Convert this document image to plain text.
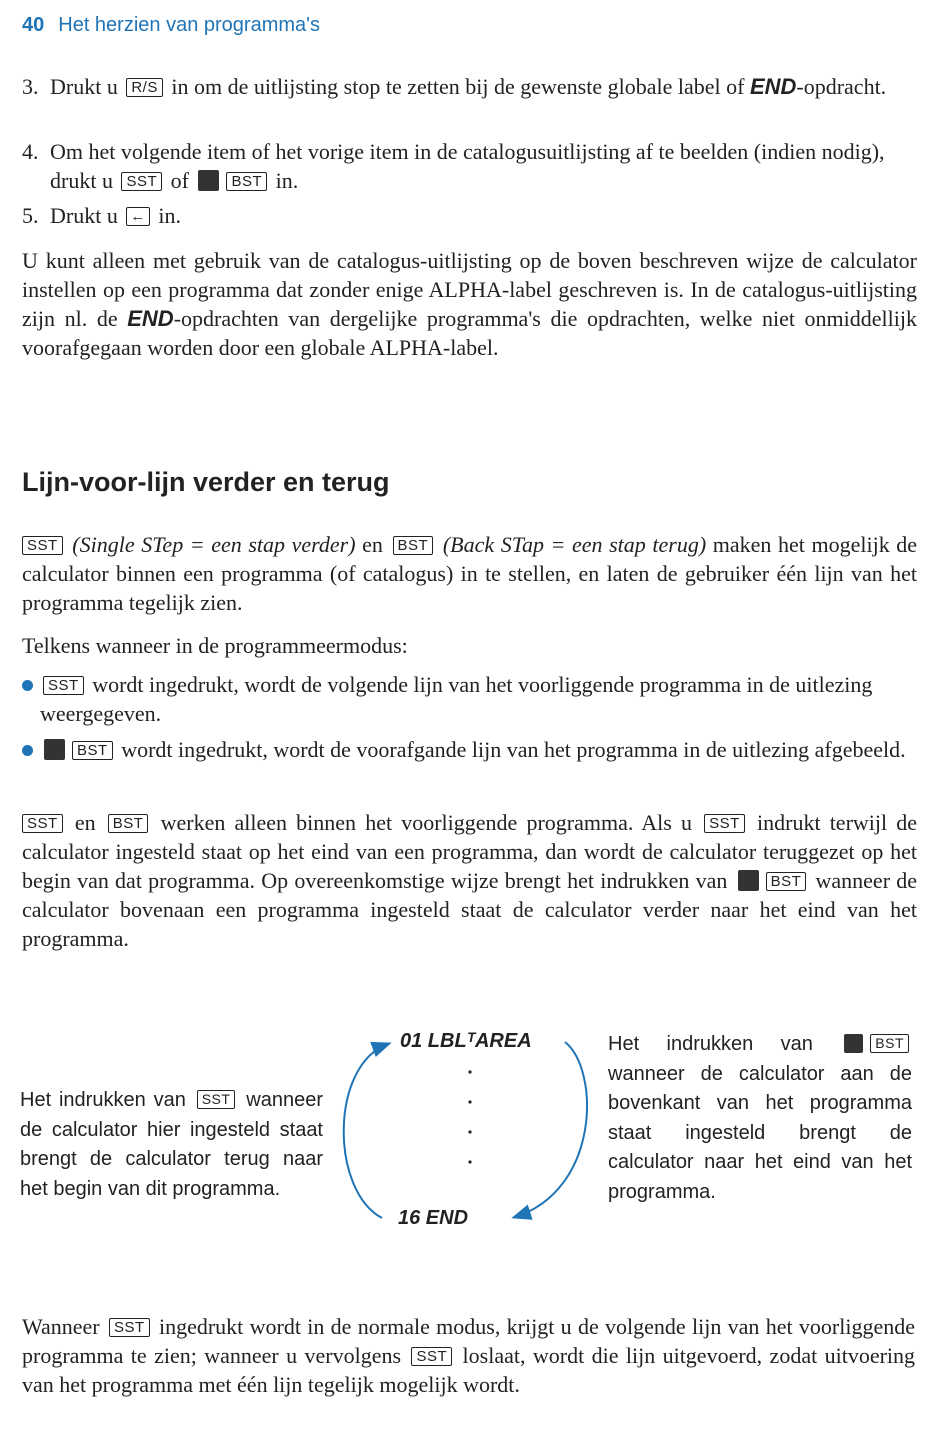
40 Het herzien van programma's
3. Drukt u R/S in om de uitlijsting stop te zetten bij de gewenste globale label of END-opdracht.
4. Om het volgende item of het vorige item in de catalogusuitlijsting af te beelden (indien nodig), drukt u SST of	BST in.
5. Drukt u ← in.
U kunt alleen met gebruik van de catalogus-uitlijsting op de boven beschreven wijze de calculator instellen op een programma dat zonder enige ALPHA-label geschreven is. In de catalogus-uitlijsting zijn nl. de END-opdrachten van dergelijke programma's die opdrachten, welke niet onmiddellijk voorafgegaan worden door een globale ALPHA-label.
Lijn-voor-lijn verder en terug
SST (Single STep = een stap verder) en BST (Back STap = een stap terug) maken het mogelijk de calculator binnen een programma (of catalogus) in te stellen, en laten de gebruiker één lijn van het programma tegelijk zien.
Telkens wanneer in de programmeermodus:
SST wordt ingedrukt, wordt de volgende lijn van het voorliggende programma in de uitlezing weergegeven.
BST wordt ingedrukt, wordt de voorafgande lijn van het programma in de uitlezing afgebeeld.
SST en BST werken alleen binnen het voorliggende programma. Als u SST indrukt terwijl de calculator ingesteld staat op het eind van een programma, dan wordt de calculator teruggezet op het begin van dat programma. Op overeenkomstige wijze brengt het indrukken van	BST wanneer de calculator bovenaan een programma ingesteld staat de calculator verder naar het eind van het programma.
01 LBLᵀAREA
16 END
Het indrukken van SST wanneer de calculator hier ingesteld staat brengt de calculator terug naar het begin van dit programma.
Het indrukken van	BST wanneer de calculator aan de bovenkant van het programma staat ingesteld brengt de calculator naar het eind van het programma.
Wanneer SST ingedrukt wordt in de normale modus, krijgt u de volgende lijn van het voorliggende programma te zien; wanneer u vervolgens SST loslaat, wordt die lijn uitgevoerd, zodat uitvoering van het programma met één lijn tegelijk mogelijk wordt.
